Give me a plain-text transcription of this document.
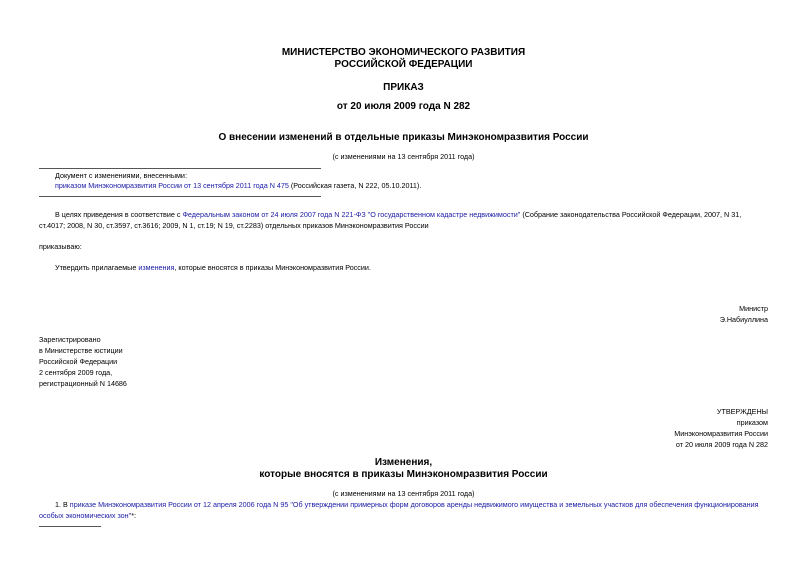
МИНИСТЕРСТВО ЭКОНОМИЧЕСКОГО РАЗВИТИЯ
РОССИЙСКОЙ ФЕДЕРАЦИИ
ПРИКАЗ
от 20 июля 2009 года N 282
О внесении изменений в отдельные приказы Минэкономразвития России
(с изменениями на 13 сентября 2011 года)
Документ с изменениями, внесенными:
приказом Минэкономразвития России от 13 сентября 2011 года N 475 (Российская газета, N 222, 05.10.2011).
В целях приведения в соответствие с Федеральным законом от 24 июля 2007 года N 221-ФЗ "О государственном кадастре недвижимости" (Собрание законодательства Российской Федерации, 2007, N 31,
ст.4017; 2008, N 30, ст.3597, ст.3616; 2009, N 1, ст.19; N 19, ст.2283) отдельных приказов Минэкономразвития России
приказываю:
Утвердить прилагаемые изменения, которые вносятся в приказы Минэкономразвития России.
Министр
Э.Набиуллина
Зарегистрировано
в Министерстве юстиции
Российской Федерации
2 сентября 2009 года,
регистрационный N 14686
УТВЕРЖДЕНЫ
приказом
Минэкономразвития России
от 20 июля 2009 года N 282
Изменения,
которые вносятся в приказы Минэкономразвития России
(с изменениями на 13 сентября 2011 года)
1. В приказе Минэкономразвития России от 12 апреля 2006 года N 95 "Об утверждении примерных форм договоров аренды недвижимого имущества и земельных участков для обеспечения функционирования
особых экономических зон"*:
